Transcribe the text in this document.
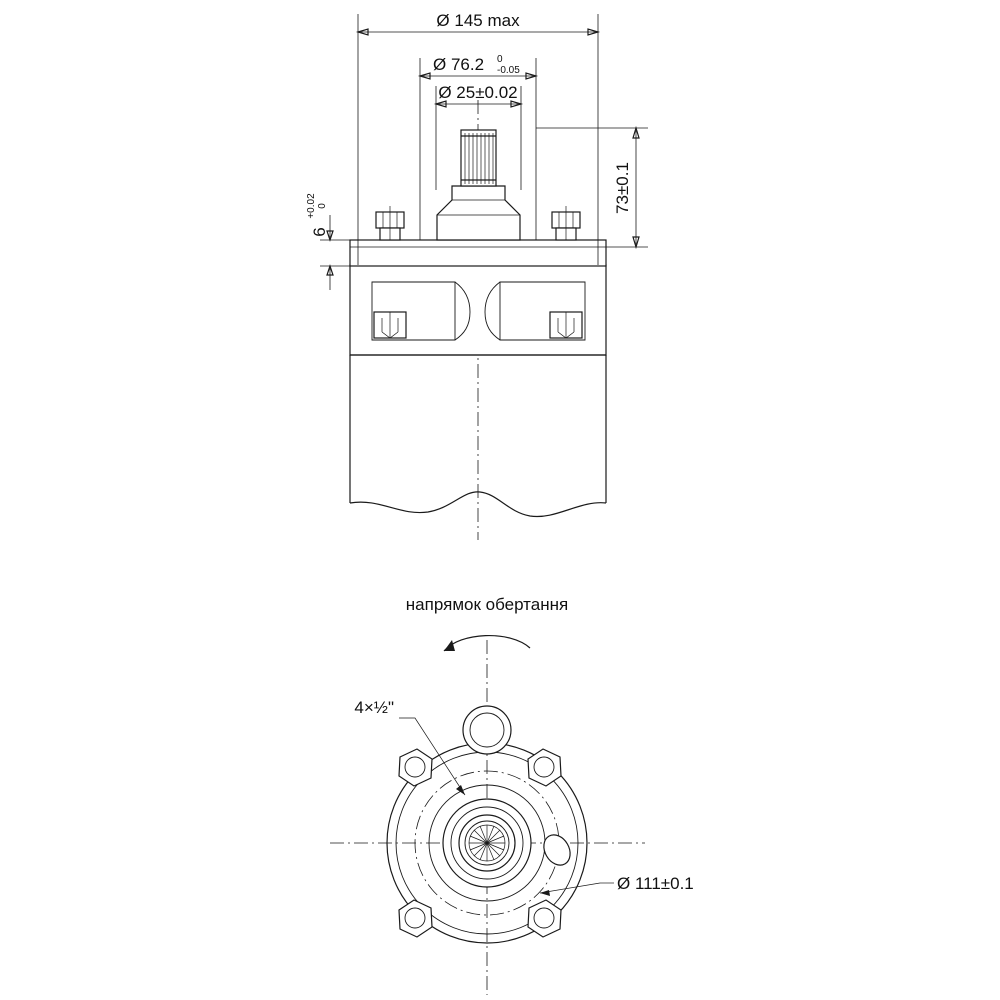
Ø 145 max
Ø 76.2 0
-0.05
Ø 25±0.02
73±0.1
6
+0.02 0
напрямок обертання
4×½"
Ø 111±0.1
